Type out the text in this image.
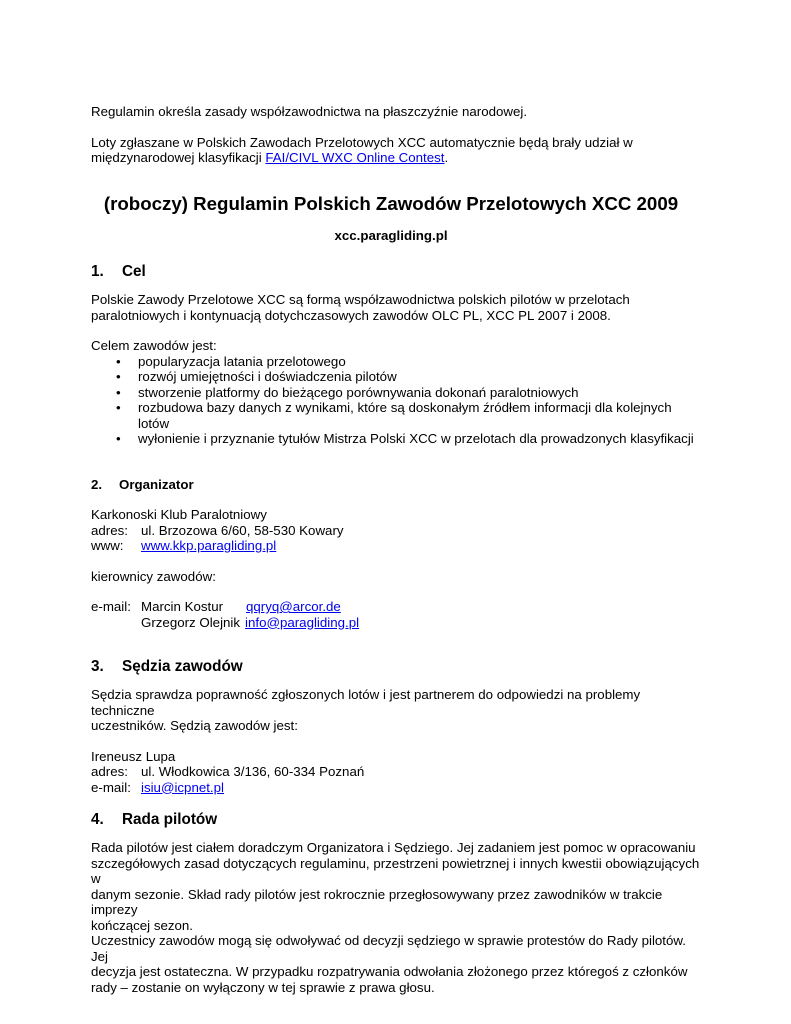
Regulamin określa zasady współzawodnictwa na płaszczyźnie narodowej.

Loty zgłaszane w Polskich Zawodach Przelotowych XCC automatycznie będą brały udział w

międzynarodowej klasyfikacji FAI/CIVL WXC Online Contest.

(roboczy) Regulamin Polskich Zawodów Przelotowych XCC 2009
xcc.paragliding.pl
1.	Cel

Polskie Zawody Przelotowe XCC są formą współzawodnictwa polskich pilotów w przelotach

paralotniowych i kontynuacją dotychczasowych zawodów OLC PL, XCC PL 2007 i 2008.

Celem zawodów jest:

• popularyzacja latania przelotowego
• rozwój umiejętności i doświadczenia pilotów
• stworzenie platformy do bieżącego porównywania dokonań paralotniowych
• rozbudowa bazy danych z wynikami, które są doskonałym źródłem informacji dla kolejnych lotów
• wyłonienie i przyznanie tytułów Mistrza Polski XCC w przelotach dla prowadzonych klasyfikacji
2.	Organizator

Karkonoski Klub Paralotniowy

adres: ul. Brzozowa 6/60, 58-530 Kowary
www:	www.kkp.paragliding.pl

kierownicy zawodów:

e-mail: Marcin Kostur	qqryq@arcor.de
Grzegorz Olejnik info@paragliding.pl
3.	Sędzia zawodów

Sędzia sprawdza poprawność zgłoszonych lotów i jest partnerem do odpowiedzi na problemy techniczne

uczestników. Sędzią zawodów jest:

Ireneusz Lupa

adres: ul. Włodkowica 3/136, 60-334 Poznań
e-mail: isiu@icpnet.pl
4.	Rada pilotów

Rada pilotów jest ciałem doradczym Organizatora i Sędziego. Jej zadaniem jest pomoc w opracowaniu

szczegółowych zasad dotyczących regulaminu, przestrzeni powietrznej i innych kwestii obowiązujących w

danym sezonie. Skład rady pilotów jest rokrocznie przegłosowywany przez zawodników w trakcie imprezy

kończącej sezon.

Uczestnicy zawodów mogą się odwoływać od decyzji sędziego w sprawie protestów do Rady pilotów. Jej

decyzja jest ostateczna. W przypadku rozpatrywania odwołania złożonego przez któregoś z członków

rady – zostanie on wyłączony w tej sprawie z prawa głosu.
